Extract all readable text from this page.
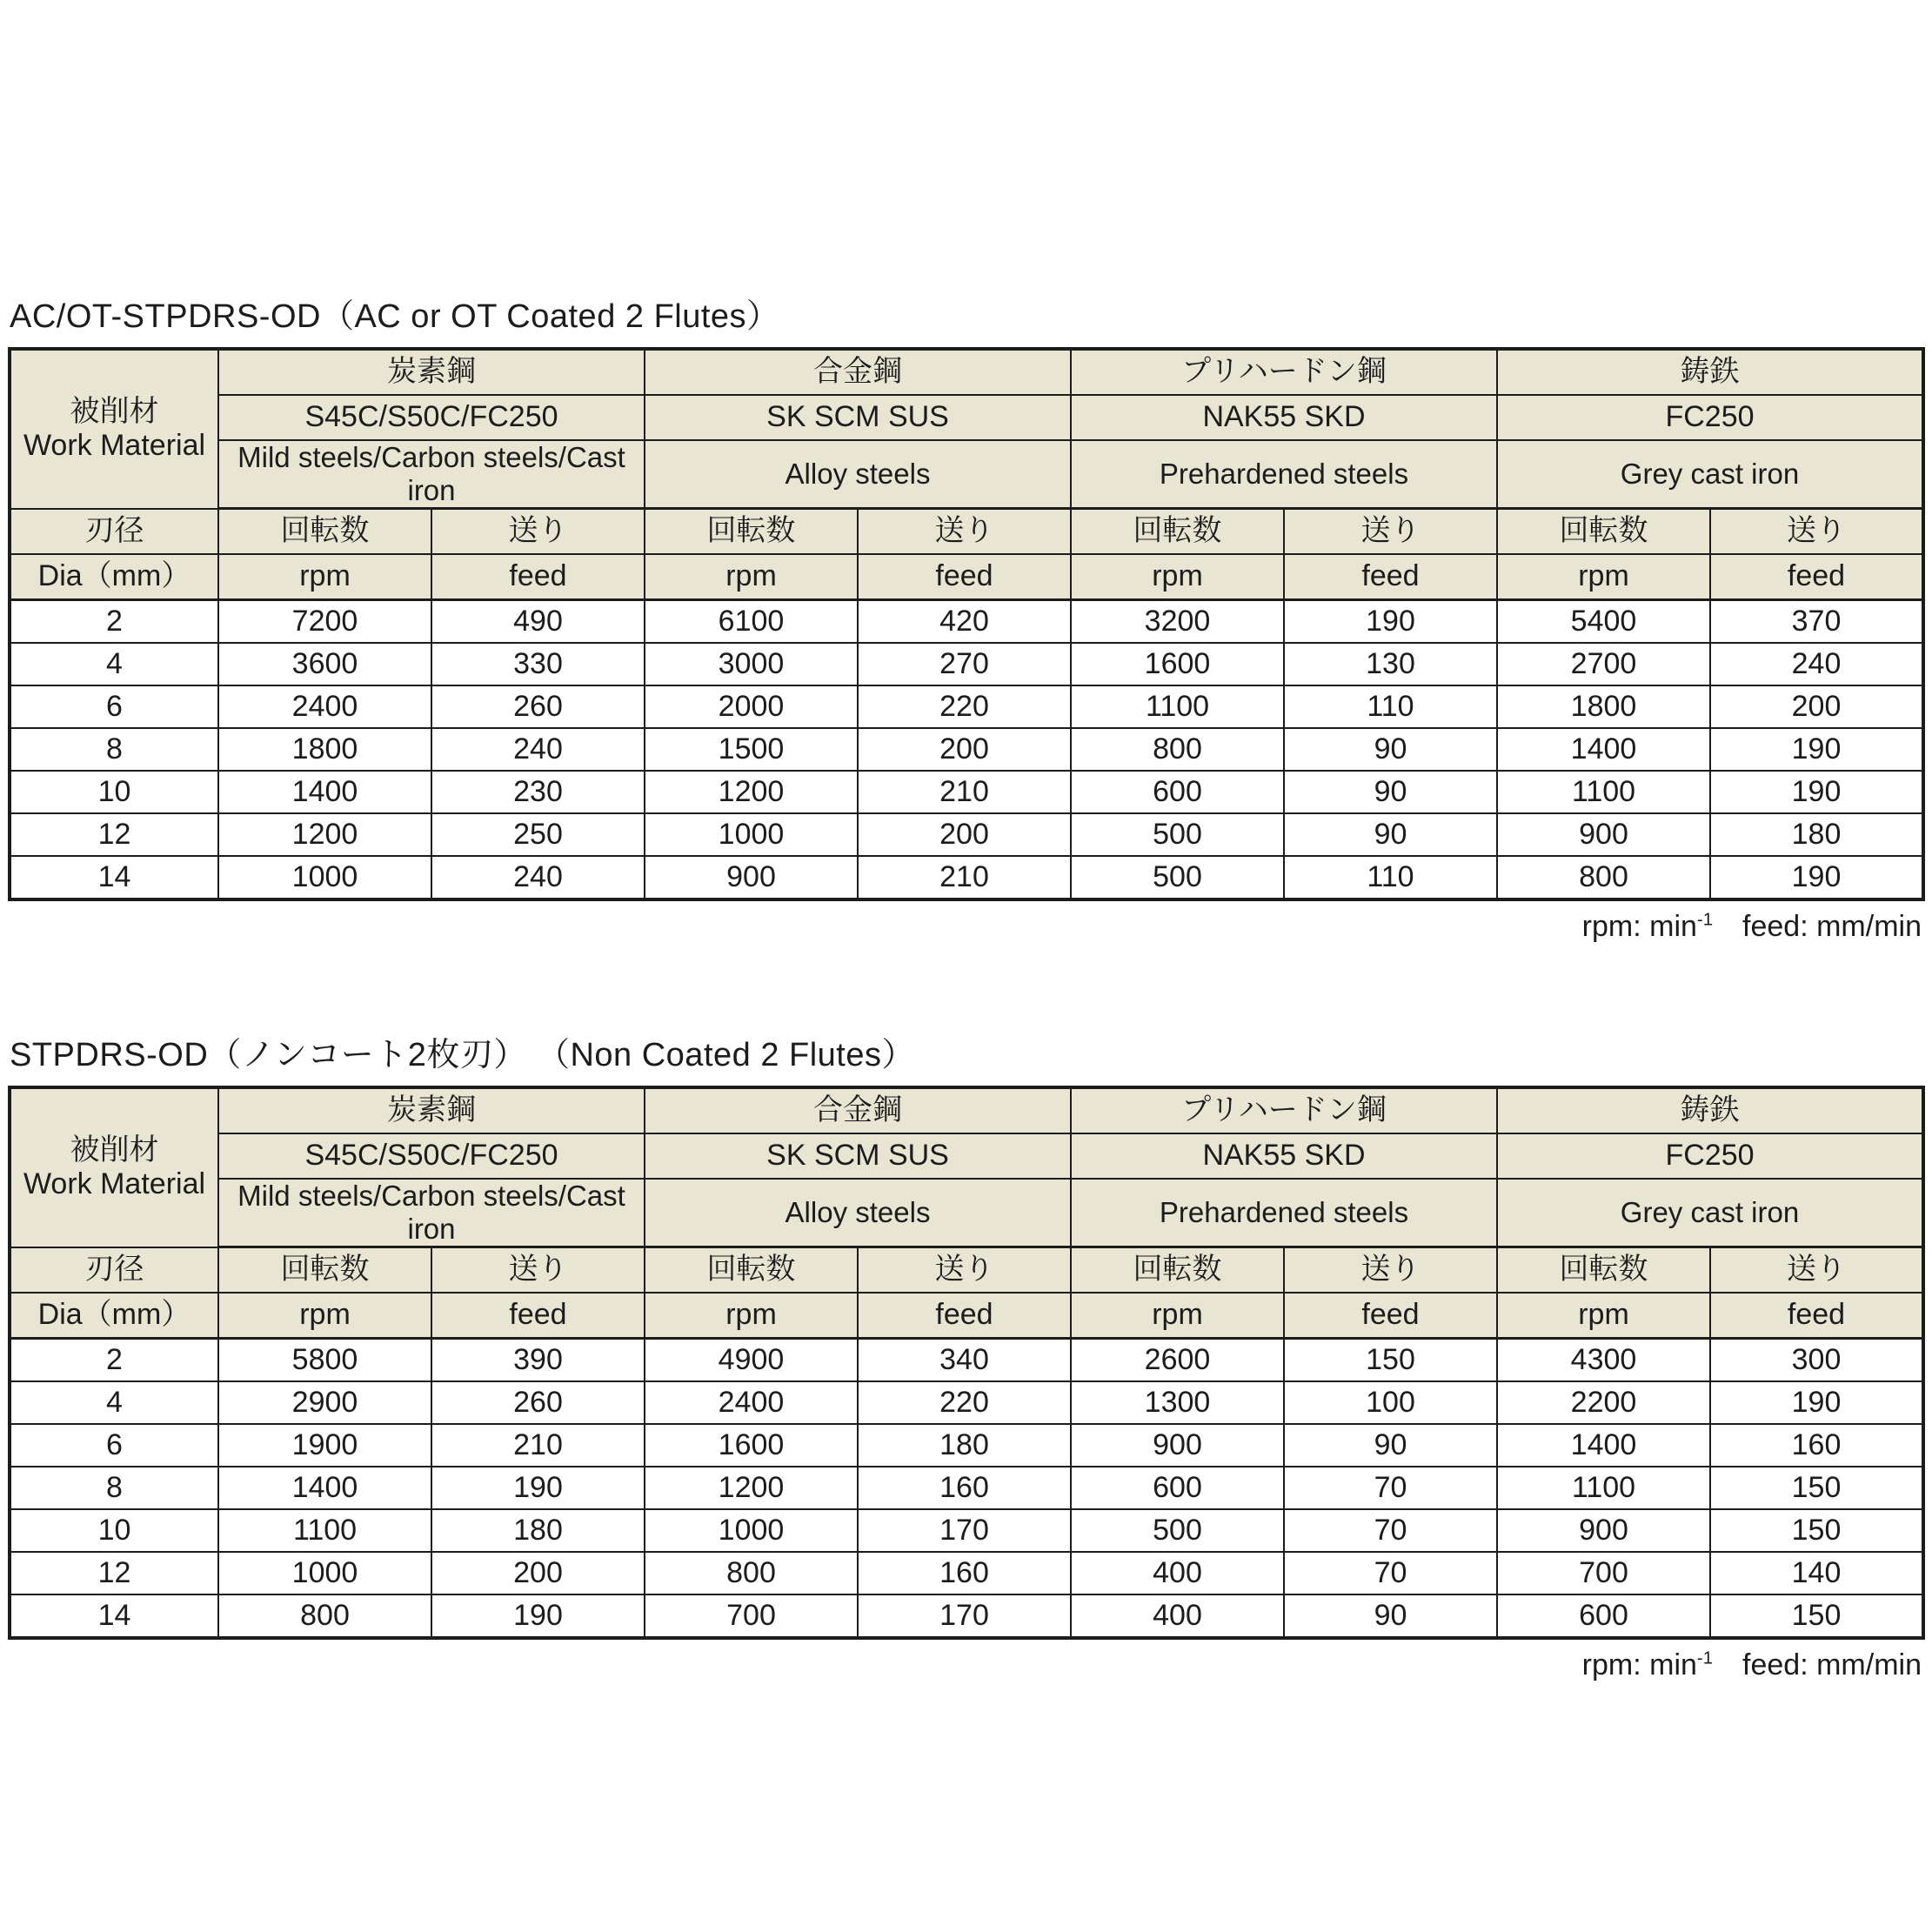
AC/OT-STPDRS-OD（AC or OT Coated 2 Flutes）
被削材
Work Material	炭素鋼		合金鋼		プリハードン鋼		鋳鉄	
	S45C/S50C/FC250		SK SCM SUS		NAK55 SKD		FC250	
	Mild steels/Carbon steels/Cast iron		Alloy steels		Prehardened steels		Grey cast iron	
刃径	回転数	送り	回転数	送り	回転数	送り	回転数	送り
Dia（mm）	rpm	feed	rpm	feed	rpm	feed	rpm	feed
2	7200	490	6100	420	3200	190	5400	370
4	3600	330	3000	270	1600	130	2700	240
6	2400	260	2000	220	1100	110	1800	200
8	1800	240	1500	200	800	90	1400	190
10	1400	230	1200	210	600	90	1100	190
12	1200	250	1000	200	500	90	900	180
14	1000	240	900	210	500	110	800	190
rpm: $\min^{-1}$ feed: mm/min
STPDRS-OD（ノンコート2枚刃） （Non Coated 2 Flutes）
被削材
Work Material	炭素鋼		合金鋼		プリハードン鋼		鋳鉄	
	S45C/S50C/FC250		SK SCM SUS		NAK55 SKD		FC250	
	Mild steels/Carbon steels/Cast iron		Alloy steels		Prehardened steels		Grey cast iron	
刃径	回転数	送り	回転数	送り	回転数	送り	回転数	送り
Dia（mm）	rpm	feed	rpm	feed	rpm	feed	rpm	feed
2	5800	390	4900	340	2600	150	4300	300
4	2900	260	2400	220	1300	100	2200	190
6	1900	210	1600	180	900	90	1400	160
8	1400	190	1200	160	600	70	1100	150
10	1100	180	1000	170	500	70	900	150
12	1000	200	800	160	400	70	700	140
14	800	190	700	170	400	90	600	150
rpm: $\min^{-1}$ feed: mm/min
